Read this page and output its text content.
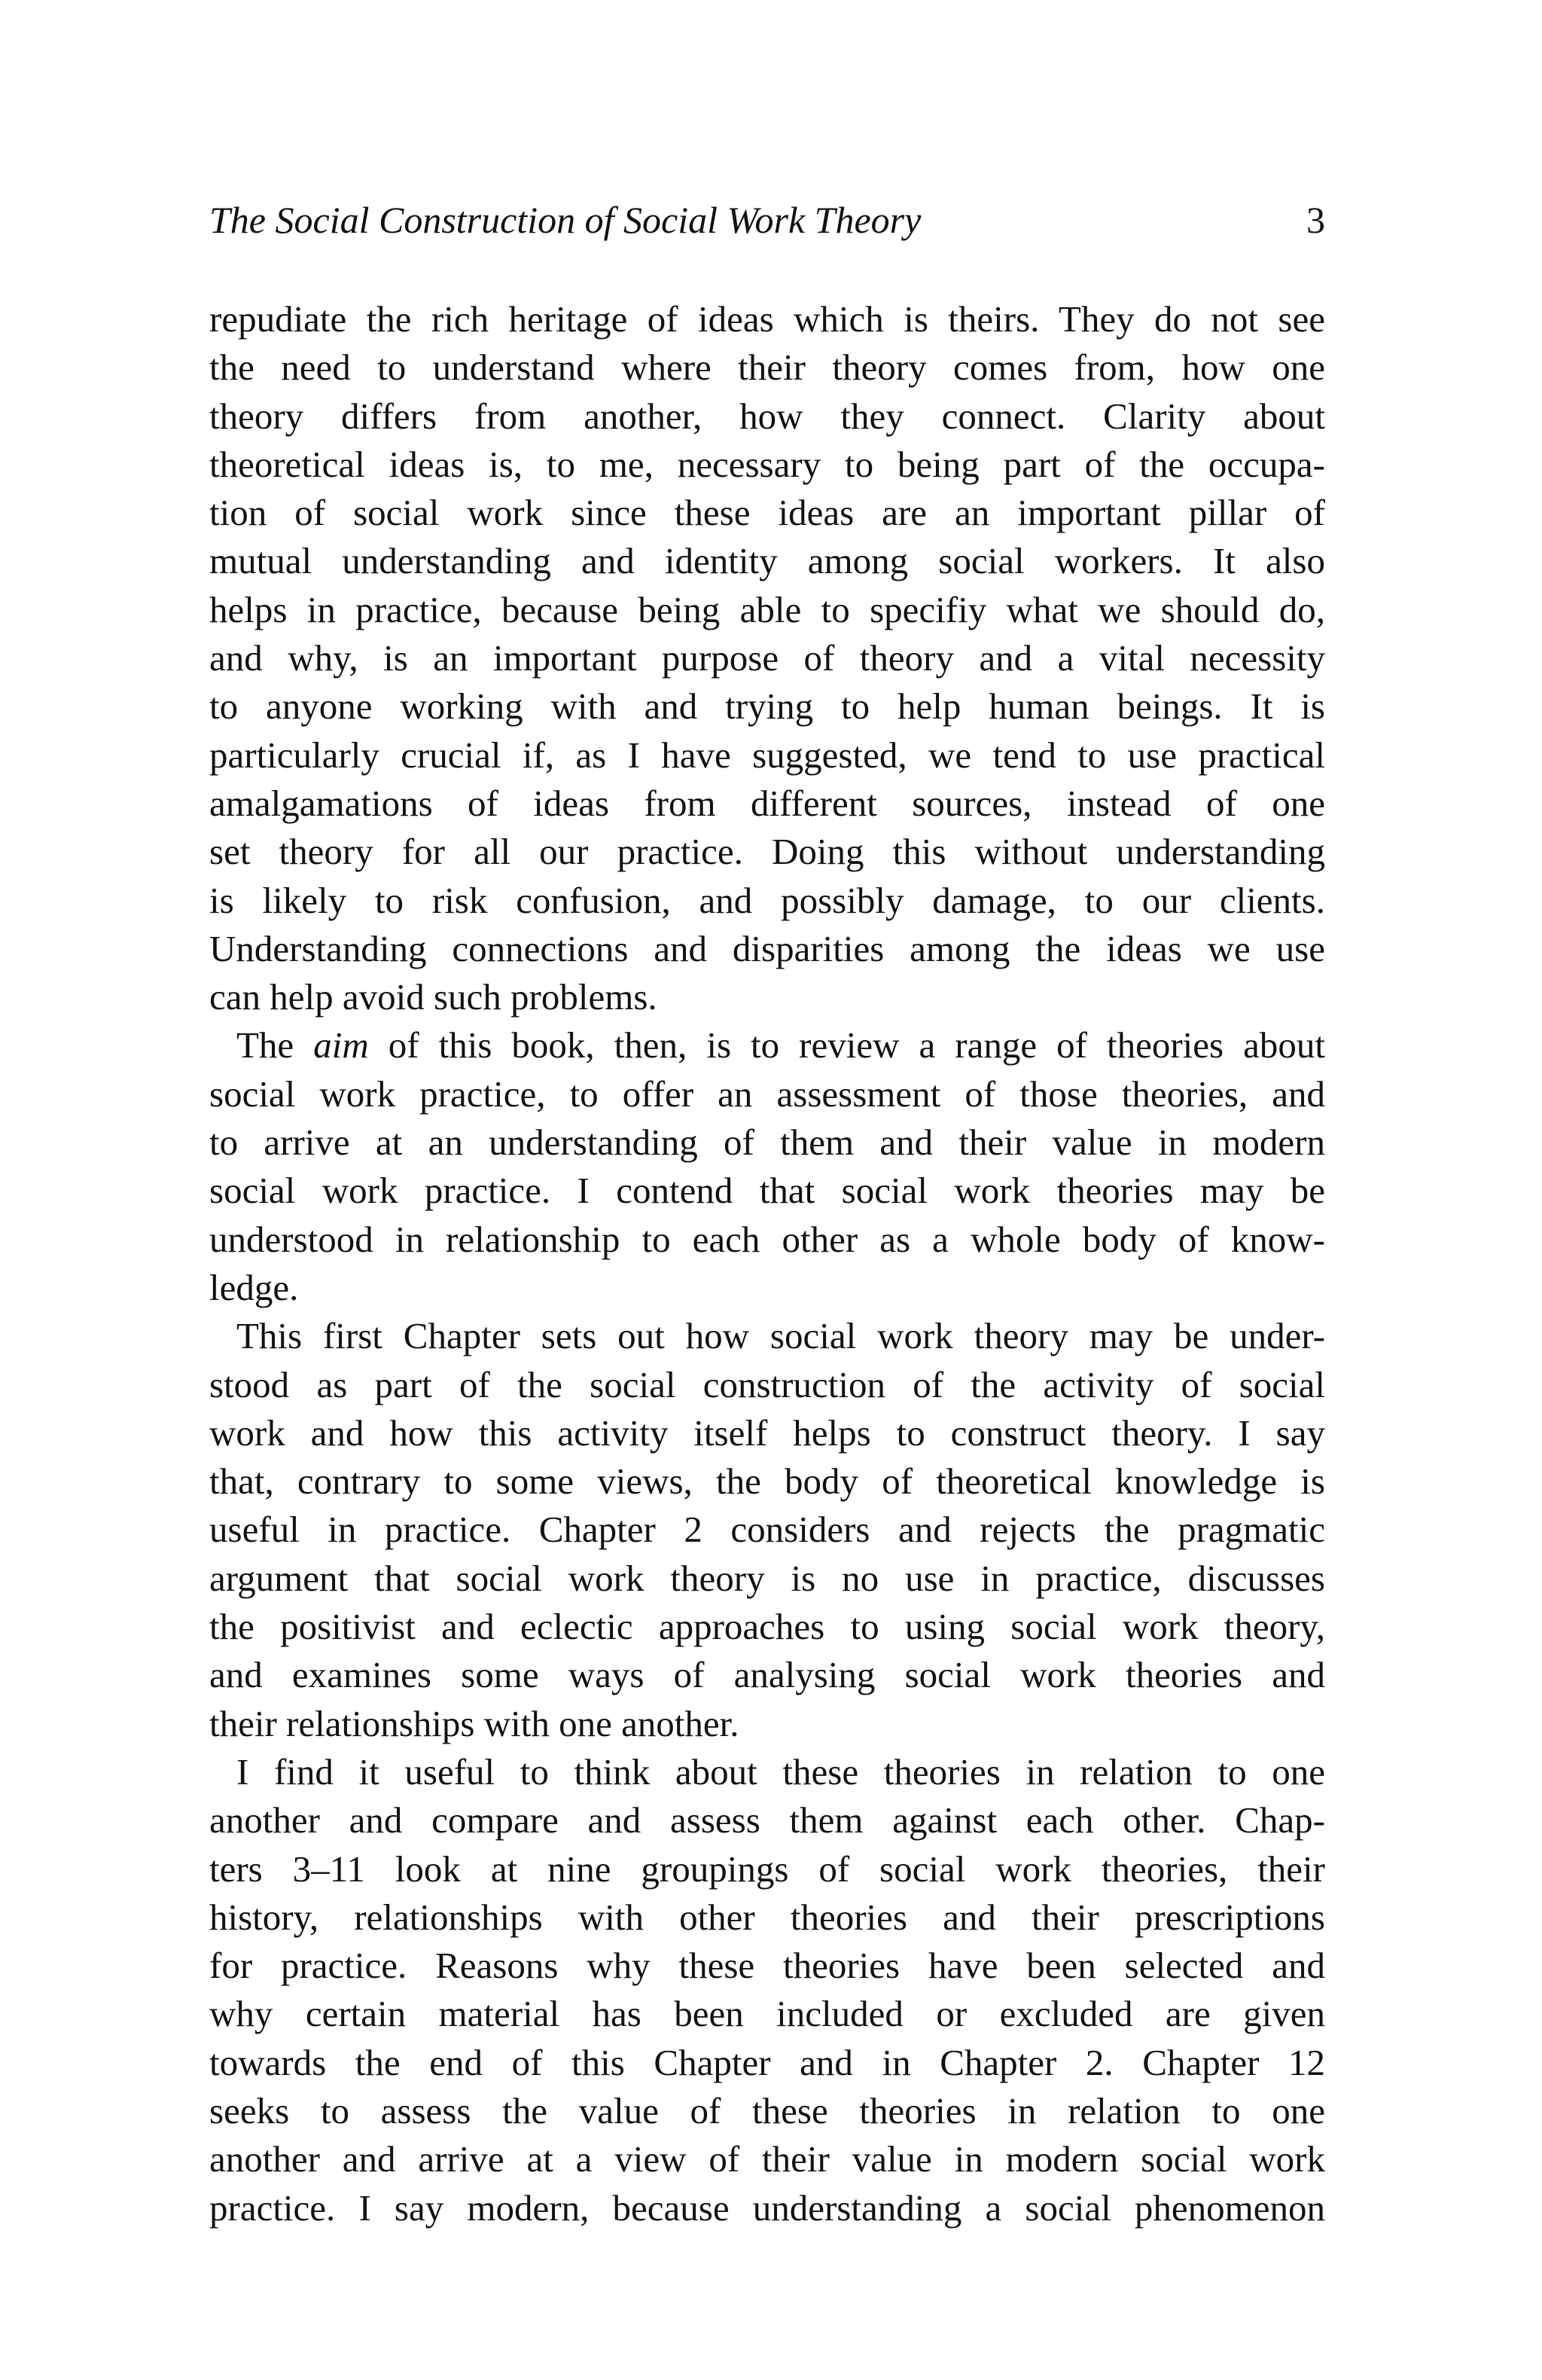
The Social Construction of Social Work Theory	3
repudiate the rich heritage of ideas which is theirs. They do not see
the need to understand where their theory comes from, how one
theory differs from another, how they connect. Clarity about
theoretical ideas is, to me, necessary to being part of the occupa-
tion of social work since these ideas are an important pillar of
mutual understanding and identity among social workers. It also
helps in practice, because being able to specifiy what we should do,
and why, is an important purpose of theory and a vital necessity
to anyone working with and trying to help human beings. It is
particularly crucial if, as I have suggested, we tend to use practical
amalgamations of ideas from different sources, instead of one
set theory for all our practice. Doing this without understanding
is likely to risk confusion, and possibly damage, to our clients.
Understanding connections and disparities among the ideas we use
can help avoid such problems.
The aim of this book, then, is to review a range of theories about
social work practice, to offer an assessment of those theories, and
to arrive at an understanding of them and their value in modern
social work practice. I contend that social work theories may be
understood in relationship to each other as a whole body of know-
ledge.
This first Chapter sets out how social work theory may be under-
stood as part of the social construction of the activity of social
work and how this activity itself helps to construct theory. I say
that, contrary to some views, the body of theoretical knowledge is
useful in practice. Chapter 2 considers and rejects the pragmatic
argument that social work theory is no use in practice, discusses
the positivist and eclectic approaches to using social work theory,
and examines some ways of analysing social work theories and
their relationships with one another.
I find it useful to think about these theories in relation to one
another and compare and assess them against each other. Chap-
ters 3–11 look at nine groupings of social work theories, their
history, relationships with other theories and their prescriptions
for practice. Reasons why these theories have been selected and
why certain material has been included or excluded are given
towards the end of this Chapter and in Chapter 2. Chapter 12
seeks to assess the value of these theories in relation to one
another and arrive at a view of their value in modern social work
practice. I say modern, because understanding a social phenomenon
